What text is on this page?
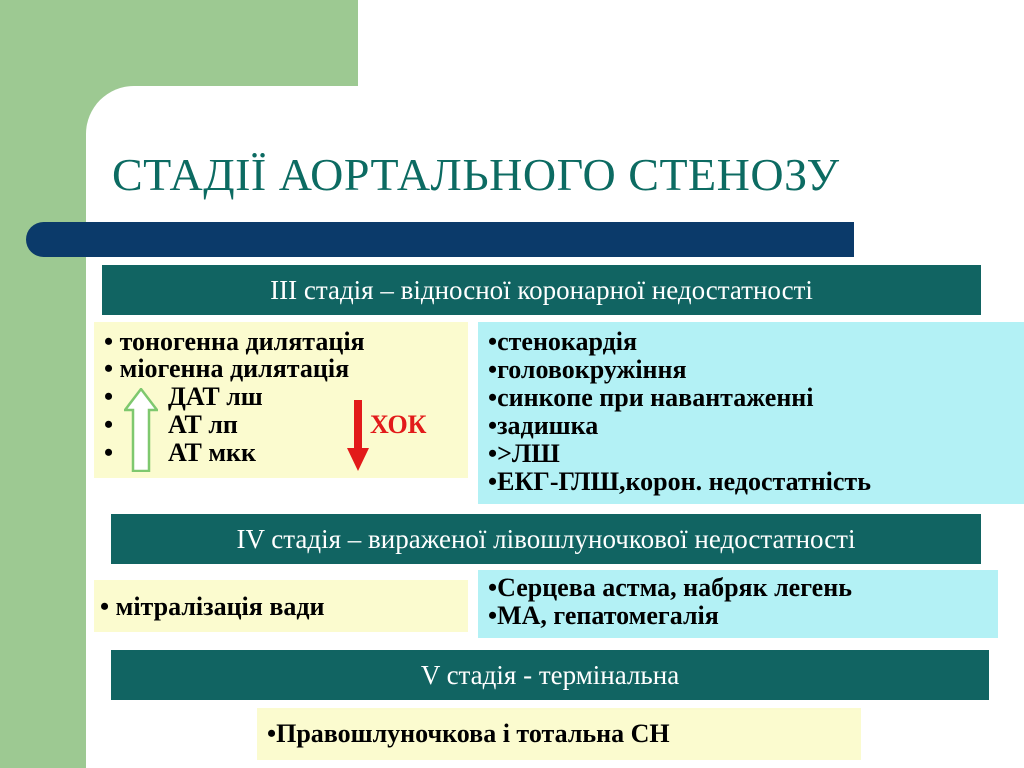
СТАДІЇ АОРТАЛЬНОГО СТЕНОЗУ
III стадія – відносної коронарної недостатності
• тоногенна дилятація
• міогенна дилятація
•
•
•
ДАТ лш
АТ лп
АТ мкк
ХОК
•стенокардія
•головокружіння
•синкопе при навантаженні
•задишка
•>ЛШ
•ЕКГ-ГЛШ,корон. недостатність
IV стадія – вираженої лівошлуночкової недостатності
• мітралізація вади
•Серцева астма, набряк легень
•МА, гепатомегалія
V стадія - термінальна
•Правошлуночкова і тотальна СН
